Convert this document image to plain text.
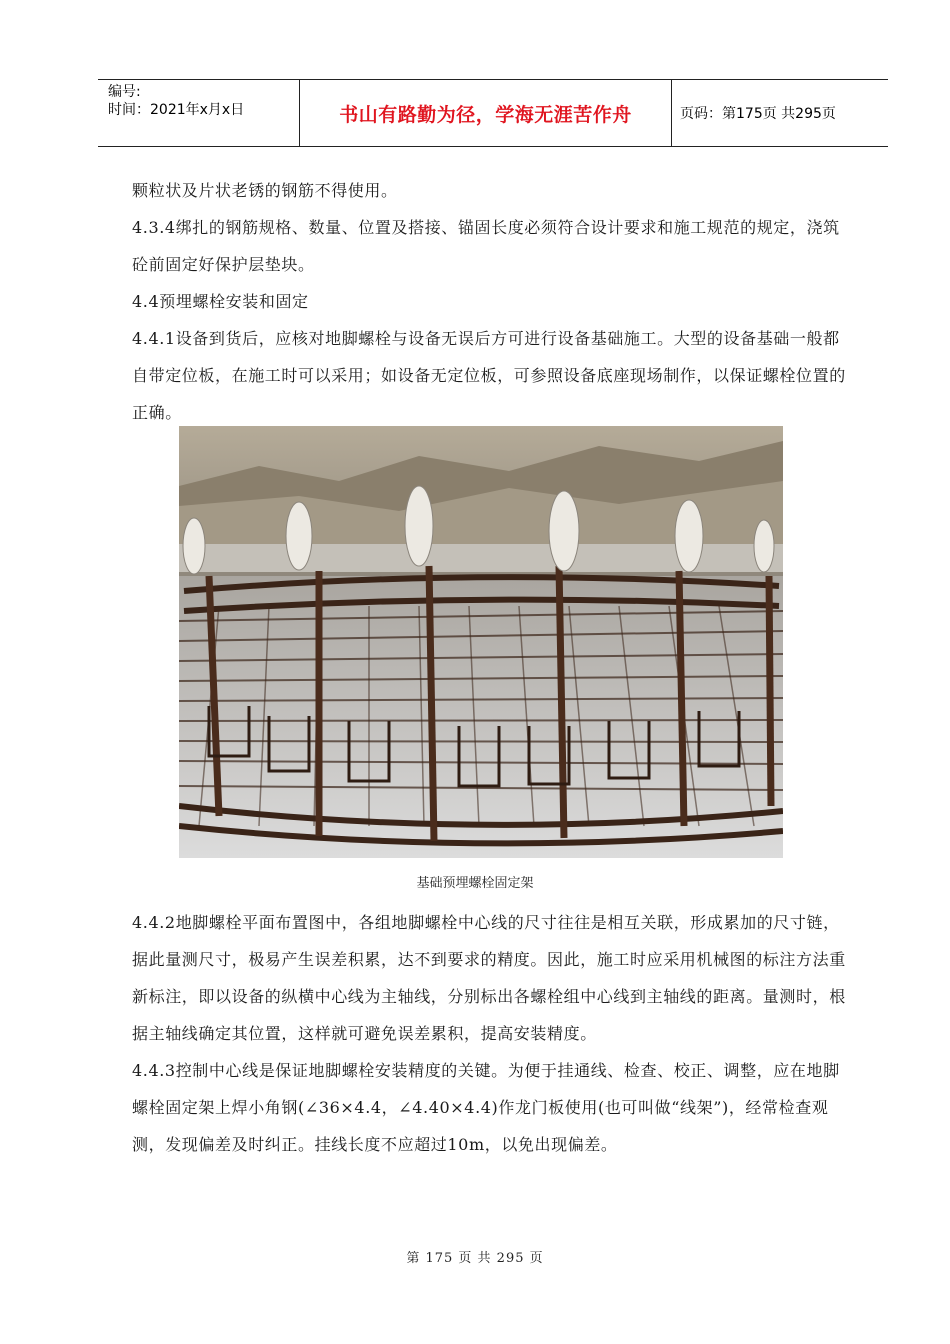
编号:
时间：2021年x月x日	书山有路勤为径，学海无涯苦作舟	页码：第175页 共295页

颗粒状及片状老锈的钢筋不得使用。

4.3.4绑扎的钢筋规格、数量、位置及搭接、锚固长度必须符合设计要求和施工规范的规定，浇筑砼前固定好保护层垫块。

4.4预埋螺栓安装和固定

4.4.1设备到货后，应核对地脚螺栓与设备无误后方可进行设备基础施工。大型的设备基础一般都自带定位板，在施工时可以采用；如设备无定位板，可参照设备底座现场制作，以保证螺栓位置的正确。

基础预埋螺栓固定架

4.4.2地脚螺栓平面布置图中，各组地脚螺栓中心线的尺寸往往是相互关联，形成累加的尺寸链，据此量测尺寸，极易产生误差积累，达不到要求的精度。因此，施工时应采用机械图的标注方法重新标注，即以设备的纵横中心线为主轴线，分别标出各螺栓组中心线到主轴线的距离。量测时，根据主轴线确定其位置，这样就可避免误差累积，提高安装精度。

4.4.3控制中心线是保证地脚螺栓安装精度的关键。为便于挂通线、检查、校正、调整，应在地脚螺栓固定架上焊小角钢(∠36×4.4，∠4.40×4.4)作龙门板使用(也可叫做“线架”)，经常检查观测，发现偏差及时纠正。挂线长度不应超过10m，以免出现偏差。

第 175 页 共 295 页
